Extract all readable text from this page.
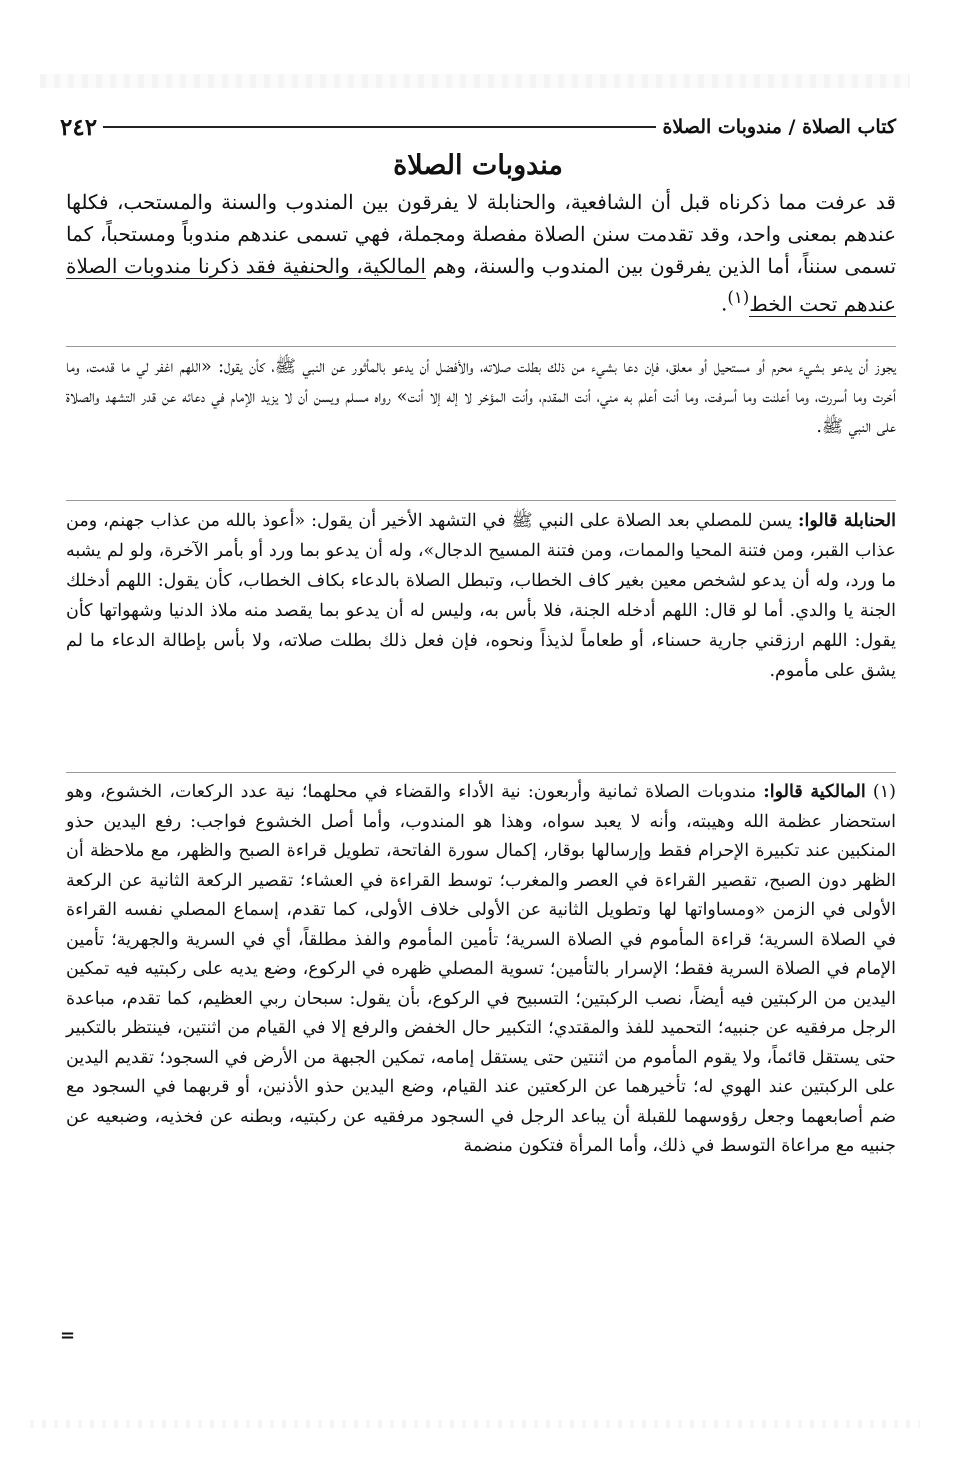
كتاب الصلاة / مندوبات الصلاة
٢٤٢
مندوبات الصلاة
قد عرفت مما ذكرناه قبل أن الشافعية، والحنابلة لا يفرقون بين المندوب والسنة والمستحب، فكلها عندهم بمعنى واحد، وقد تقدمت سنن الصلاة مفصلة ومجملة، فهي تسمى عندهم مندوباً ومستحباً، كما تسمى سنناً، أما الذين يفرقون بين المندوب والسنة، وهم المالكية، والحنفية فقد ذكرنا مندوبات الصلاة عندهم تحت الخط$^{(١)}$.
يجوز أن يدعو بشيء محرم أو مستحيل أو معلق، فإن دعا بشيء من ذلك بطلت صلاته، والأفضل أن يدعو بالمأثور عن النبي ﷺ، كأن يقول: «اللهم اغفر لي ما قدمت، وما أخرت وما أسررت، وما أعلنت وما أسرفت، وما أنت أعلم به مني، أنت المقدم، وأنت المؤخر لا إله إلا أنت» رواه مسلم ويسن أن لا يزيد الإمام في دعائه عن قدر التشهد والصلاة على النبي ﷺ.
الحنابلة قالوا: يسن للمصلي بعد الصلاة على النبي ﷺ في التشهد الأخير أن يقول: «أعوذ بالله من عذاب جهنم، ومن عذاب القبر، ومن فتنة المحيا والممات، ومن فتنة المسيح الدجال»، وله أن يدعو بما ورد أو بأمر الآخرة، ولو لم يشبه ما ورد، وله أن يدعو لشخص معين بغير كاف الخطاب، وتبطل الصلاة بالدعاء بكاف الخطاب، كأن يقول: اللهم أدخلك الجنة يا والدي. أما لو قال: اللهم أدخله الجنة، فلا بأس به، وليس له أن يدعو بما يقصد منه ملاذ الدنيا وشهواتها كأن يقول: اللهم ارزقني جارية حسناء، أو طعاماً لذيذاً ونحوه، فإن فعل ذلك بطلت صلاته، ولا بأس بإطالة الدعاء ما لم يشق على مأموم.
(١) المالكية قالوا: مندوبات الصلاة ثمانية وأربعون: نية الأداء والقضاء في محلهما؛ نية عدد الركعات، الخشوع، وهو استحضار عظمة الله وهيبته، وأنه لا يعبد سواه، وهذا هو المندوب، وأما أصل الخشوع فواجب: رفع اليدين حذو المنكبين عند تكبيرة الإحرام فقط وإرسالها بوقار، إكمال سورة الفاتحة، تطويل قراءة الصبح والظهر، مع ملاحظة أن الظهر دون الصبح، تقصير القراءة في العصر والمغرب؛ توسط القراءة في العشاء؛ تقصير الركعة الثانية عن الركعة الأولى في الزمن «ومساواتها لها وتطويل الثانية عن الأولى خلاف الأولى، كما تقدم، إسماع المصلي نفسه القراءة في الصلاة السرية؛ قراءة المأموم في الصلاة السرية؛ تأمين المأموم والفذ مطلقاً، أي في السرية والجهرية؛ تأمين الإمام في الصلاة السرية فقط؛ الإسرار بالتأمين؛ تسوية المصلي ظهره في الركوع، وضع يديه على ركبتيه فيه تمكين اليدين من الركبتين فيه أيضاً، نصب الركبتين؛ التسبيح في الركوع، بأن يقول: سبحان ربي العظيم، كما تقدم، مباعدة الرجل مرفقيه عن جنبيه؛ التحميد للفذ والمقتدي؛ التكبير حال الخفض والرفع إلا في القيام من اثنتين، فينتظر بالتكبير حتى يستقل قائماً، ولا يقوم المأموم من اثنتين حتى يستقل إمامه، تمكين الجبهة من الأرض في السجود؛ تقديم اليدين على الركبتين عند الهوي له؛ تأخيرهما عن الركعتين عند القيام، وضع اليدين حذو الأذنين، أو قربهما في السجود مع ضم أصابعهما وجعل رؤوسهما للقبلة أن يباعد الرجل في السجود مرفقيه عن ركبتيه، وبطنه عن فخذيه، وضبعيه عن جنبيه مع مراعاة التوسط في ذلك، وأما المرأة فتكون منضمة
=
